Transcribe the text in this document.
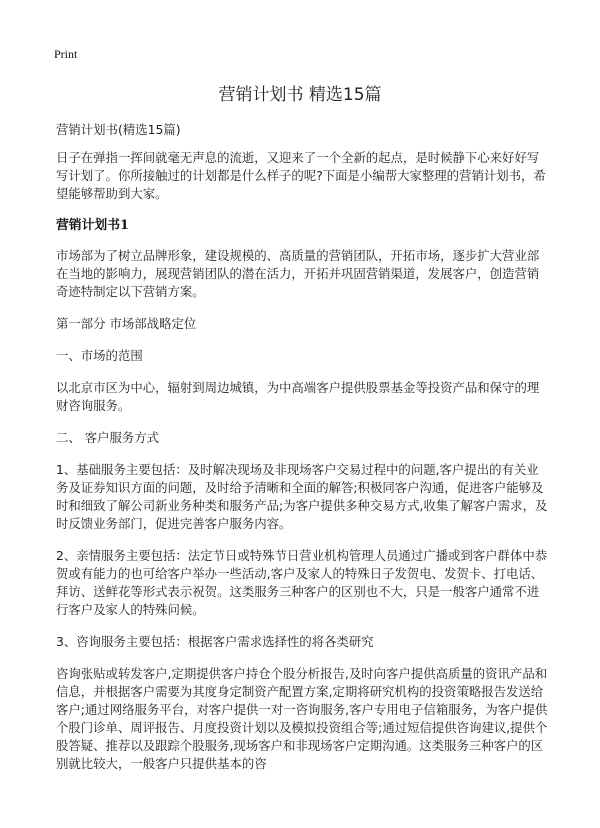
Print
营销计划书 精选15篇

营销计划书(精选15篇)

日子在弹指一挥间就毫无声息的流逝，又迎来了一个全新的起点，是时候静下心来好好写写计划了。你所接触过的计划都是什么样子的呢?下面是小编帮大家整理的营销计划书，希望能够帮助到大家。

营销计划书1

市场部为了树立品牌形象，建设规模的、高质量的营销团队，开拓市场，逐步扩大营业部在当地的影响力，展现营销团队的潜在活力，开拓并巩固营销渠道，发展客户，创造营销奇迹特制定以下营销方案。

第一部分 市场部战略定位

一、市场的范围

以北京市区为中心，辐射到周边城镇，为中高端客户提供股票基金等投资产品和保守的理财咨询服务。

二、 客户服务方式

1、基础服务主要包括：及时解决现场及非现场客户交易过程中的问题,客户提出的有关业务及证券知识方面的问题，及时给予清晰和全面的解答;积极同客户沟通，促进客户能够及时和细致了解公司新业务种类和服务产品;为客户提供多种交易方式,收集了解客户需求，及时反馈业务部门，促进完善客户服务内容。

2、亲情服务主要包括：法定节日或特殊节日营业机构管理人员通过广播或到客户群体中恭贺或有能力的也可给客户举办一些活动,客户及家人的特殊日子发贺电、发贺卡、打电话、拜访、送鲜花等形式表示祝贺。这类服务三种客户的区别也不大，只是一般客户通常不进行客户及家人的特殊问候。

3、咨询服务主要包括：根据客户需求选择性的将各类研究

咨询张贴或转发客户,定期提供客户持仓个股分析报告,及时向客户提供高质量的资讯产品和信息，并根据客户需要为其度身定制资产配置方案,定期将研究机构的投资策略报告发送给客户;通过网络服务平台，对客户提供一对一咨询服务,客户专用电子信箱服务，为客户提供个股门诊单、周评报告、月度投资计划以及模拟投资组合等;通过短信提供咨询建议,提供个股答疑、推荐以及跟踪个股服务,现场客户和非现场客户定期沟通。这类服务三种客户的区别就比较大，一般客户只提供基本的咨
